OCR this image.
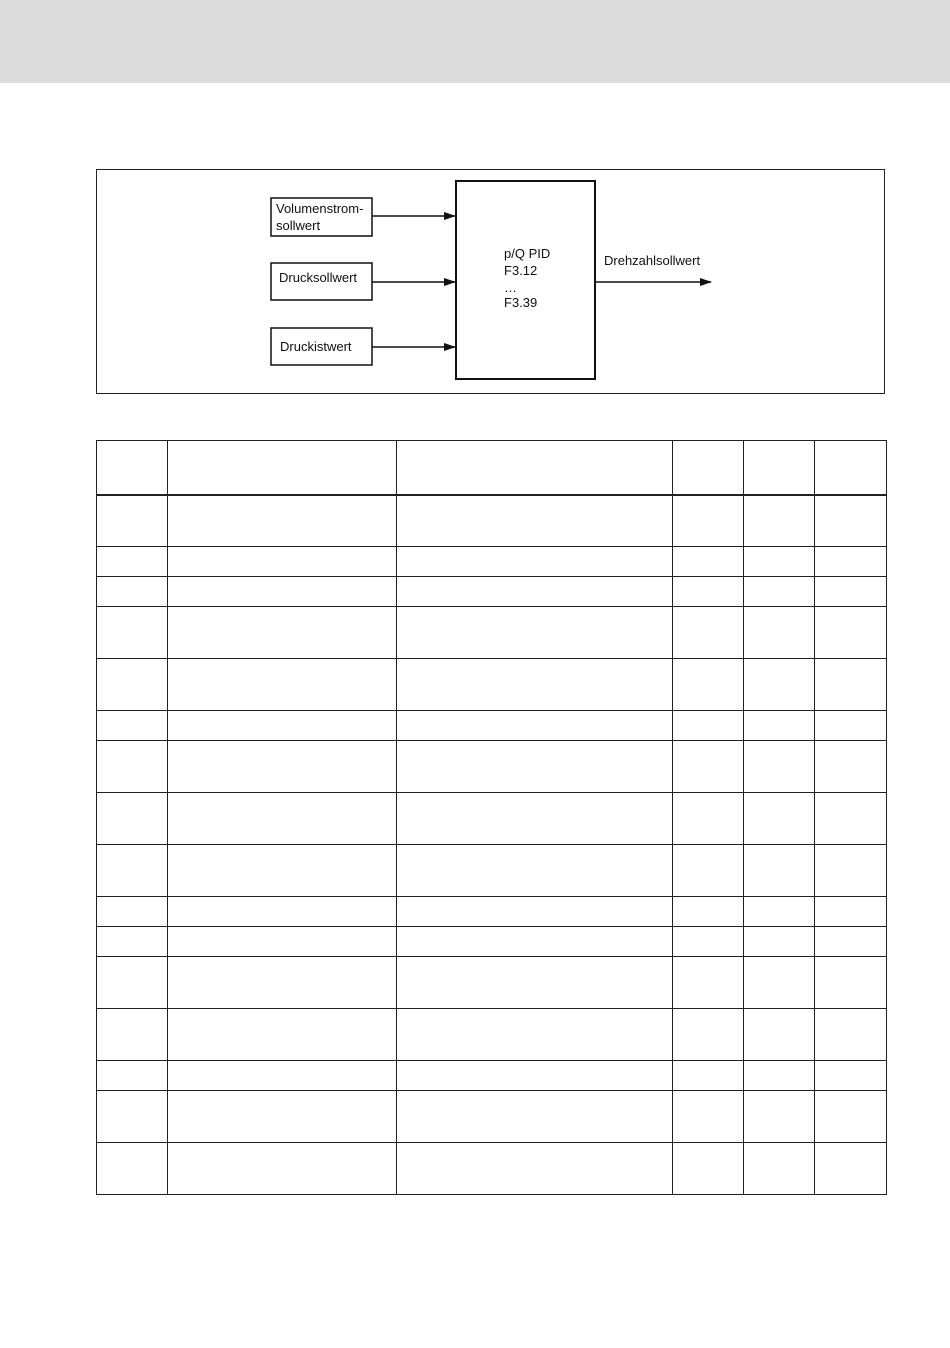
Volumenstrom-
sollwert
Drucksollwert
Druckistwert
p/Q PID
F3.12
…
F3.39
Drehzahlsollwert
